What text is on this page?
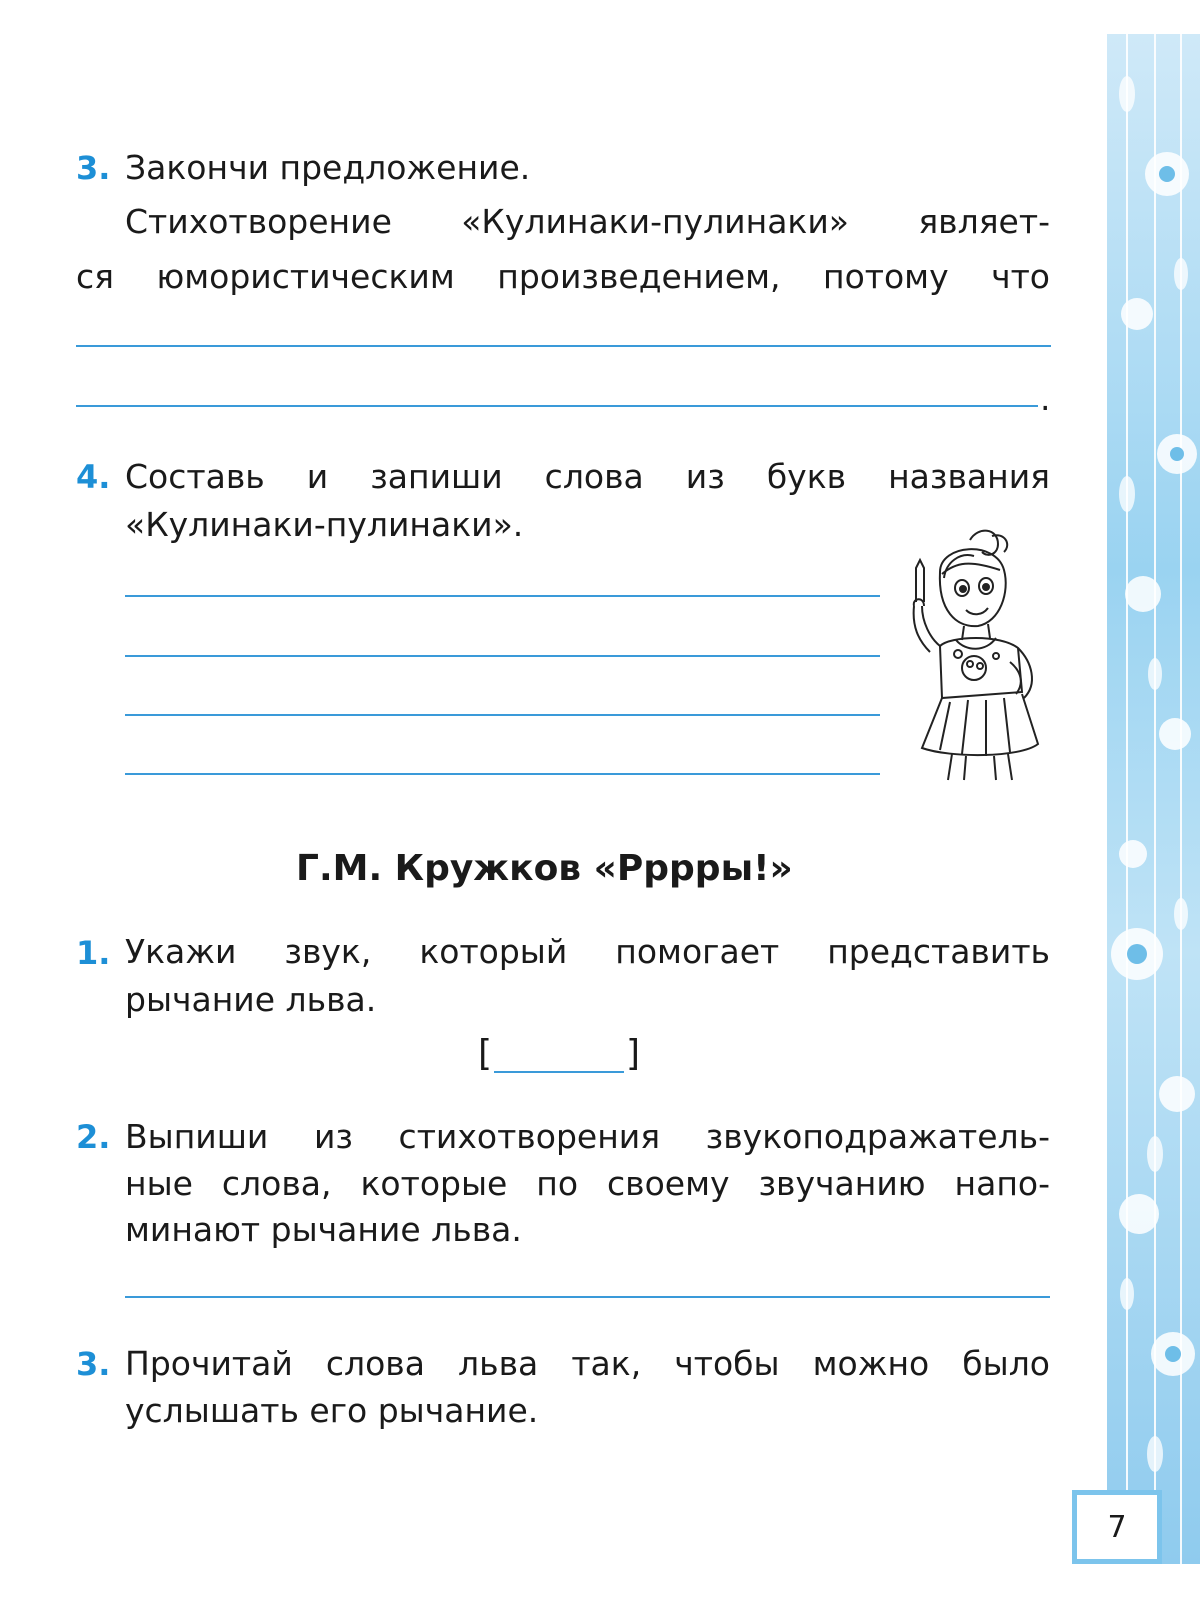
3. Закончи предложение.
Стихотворение «Кулинаки-пулинаки» являет-
ся юмористическим произведением, потому что
.
4. Составь и запиши слова из букв названия
«Кулинаки-пулинаки».
Г.М. Кружков «Рррры!»
1. Укажи звук, который помогает представить
рычание льва.
[	]
2. Выпиши из стихотворения звукоподражатель-
ные слова, которые по своему звучанию напо-
минают рычание льва.
3. Прочитай слова льва так, чтобы можно было
услышать его рычание.
7
